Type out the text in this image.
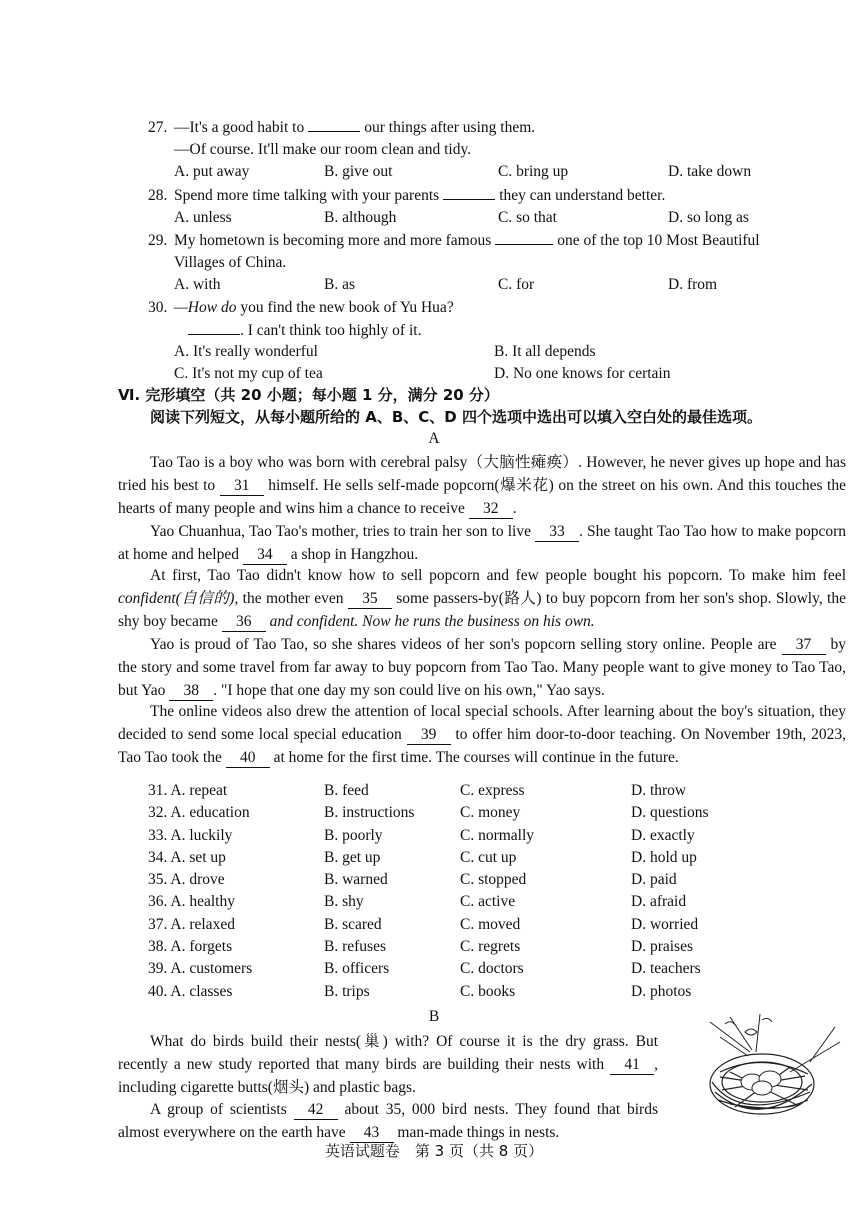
27. —It's a good habit to	our things after using them.
—Of course. It'll make our room clean and tidy.
A. put away	B. give out	C. bring up	D. take down
28. Spend more time talking with your parents	they can understand better.
A. unless	B. although	C. so that	D. so long as
29. My hometown is becoming more and more famous	one of the top 10 Most Beautiful
Villages of China.
A. with	B. as	C. for	D. from
30. —How do you find the new book of Yu Hua?
. I can't think too highly of it.
A. It's really wonderful	B. It all depends
C. It's not my cup of tea	D. No one knows for certain
Ⅵ. 完形填空（共 20 小题；每小题 1 分，满分 20 分）
阅读下列短文，从每小题所给的 A、B、C、D 四个选项中选出可以填入空白处的最佳选项。
A
Tao Tao is a boy who was born with cerebral palsy（大脑性瘫痪）. However, he never gives up hope and has tried his best to 31 himself. He sells self-made popcorn(爆米花) on the street on his own. And this touches the hearts of many people and wins him a chance to receive 32 .
Yao Chuanhua, Tao Tao's mother, tries to train her son to live 33 . She taught Tao Tao how to make popcorn at home and helped 34 a shop in Hangzhou.
At first, Tao Tao didn't know how to sell popcorn and few people bought his popcorn. To make him feel confident(自信的), the mother even 35 some passers-by(路人) to buy popcorn from her son's shop. Slowly, the shy boy became 36 and confident. Now he runs the business on his own.
Yao is proud of Tao Tao, so she shares videos of her son's popcorn selling story online. People are 37 by the story and some travel from far away to buy popcorn from Tao Tao. Many people want to give money to Tao Tao, but Yao 38 . "I hope that one day my son could live on his own," Yao says.
The online videos also drew the attention of local special schools. After learning about the boy's situation, they decided to send some local special education 39 to offer him door-to-door teaching. On November 19th, 2023, Tao Tao took the 40 at home for the first time. The courses will continue in the future.
31. A. repeat	B. feed	C. express	D. throw
32. A. education	B. instructions	C. money	D. questions
33. A. luckily	B. poorly	C. normally	D. exactly
34. A. set up	B. get up	C. cut up	D. hold up
35. A. drove	B. warned	C. stopped	D. paid
36. A. healthy	B. shy	C. active	D. afraid
37. A. relaxed	B. scared	C. moved	D. worried
38. A. forgets	B. refuses	C. regrets	D. praises
39. A. customers	B. officers	C. doctors	D. teachers
40. A. classes	B. trips	C. books	D. photos
B
What do birds build their nests(巢) with? Of course it is the dry grass. But recently a new study reported that many birds are building their nests with 41 , including cigarette butts(烟头) and plastic bags.
A group of scientists 42 about 35, 000 bird nests. They found that birds almost everywhere on the earth have 43 man-made things in nests.
英语试题卷　第 3 页（共 8 页）
